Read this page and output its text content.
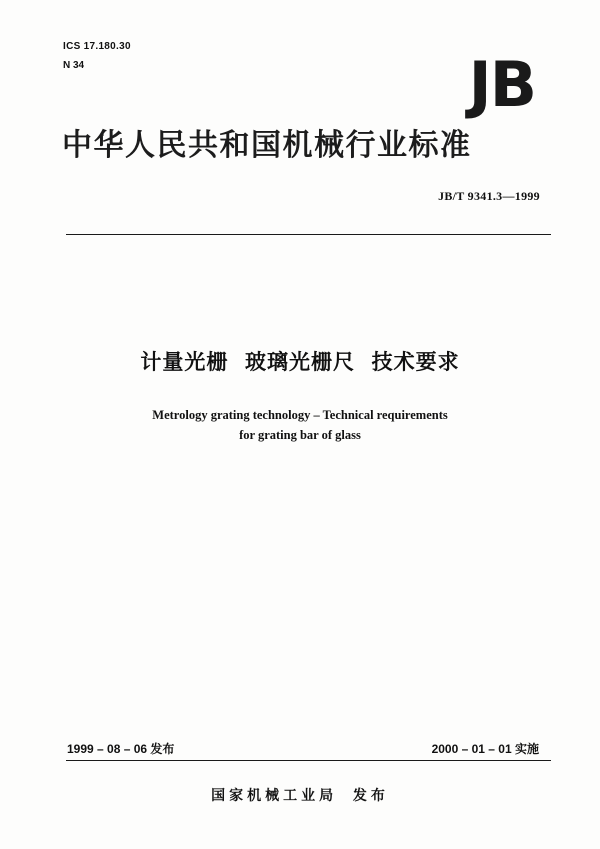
ICS 17.180.30
N 34	JB
中华人民共和国机械行业标准
JB/T 9341.3—1999
计量光栅  玻璃光栅尺  技术要求
Metrology grating technology – Technical requirements
for grating bar of glass
1999 – 08 – 06 发布	2000 – 01 – 01 实施
国家机械工业局  发布
